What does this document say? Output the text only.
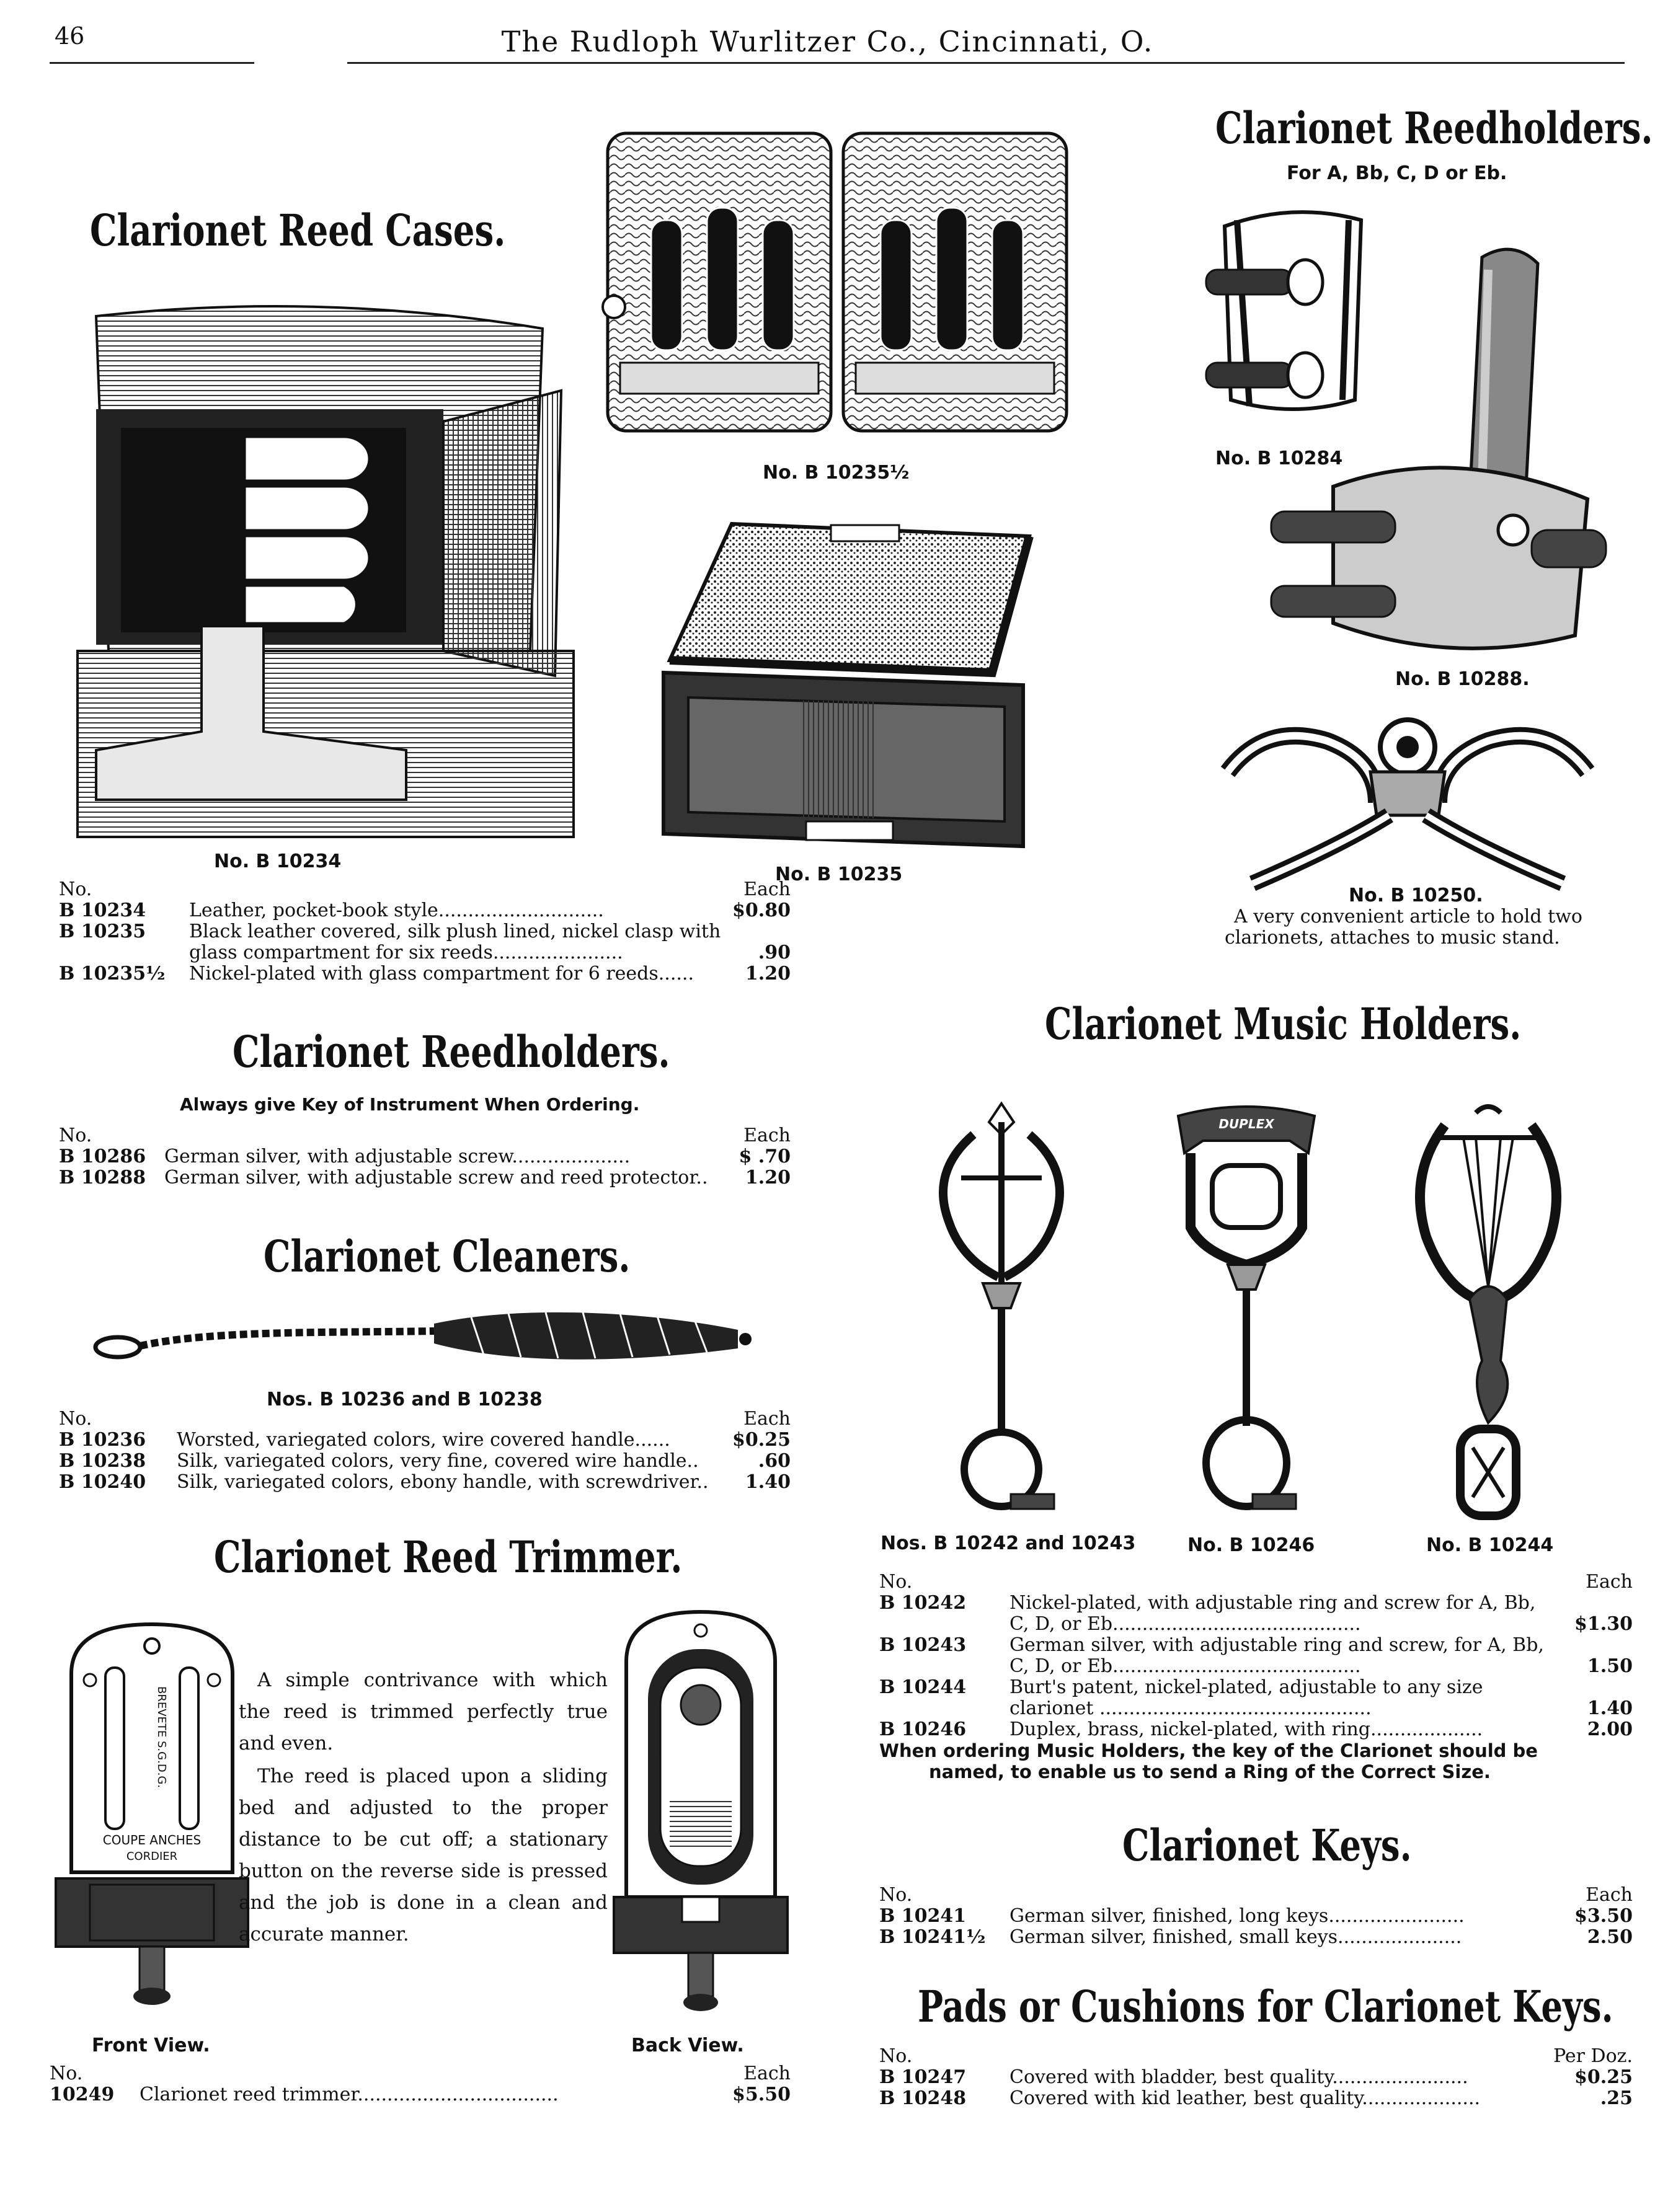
46	The Rudloph Wurlitzer Co., Cincinnati, O.
Clarionet Reed Cases.
No. B 10234
No. B 10235½
No. B 10235
No.	Each
B 10234	Leather, pocket-book style............................	$0.80
B 10235	Black leather covered, silk plush lined, nickel clasp with
glass compartment for six reeds......................	.90
B 10235½	Nickel-plated with glass compartment for 6 reeds......	1.20
Clarionet Reedholders.
Always give Key of Instrument When Ordering.
No.	Each
B 10286 German silver, with adjustable screw....................	$ .70
B 10288 German silver, with adjustable screw and reed protector..	1.20
Clarionet Cleaners.
Nos. B 10236 and B 10238
No.	Each
B 10236	Worsted, variegated colors, wire covered handle......	$0.25
B 10238	Silk, variegated colors, very fine, covered wire handle..	.60
B 10240	Silk, variegated colors, ebony handle, with screwdriver..	1.40
Clarionet Reed Trimmer.
BREVETE S.G.D.G.
COUPE ANCHES
CORDIER
A simple contrivance with which the reed is trimmed perfectly true and even.
The reed is placed upon a sliding bed and adjusted to the proper distance to be cut off; a stationary button on the reverse side is pressed and the job is done in a clean and accurate manner.
Front View.	Back View.
No.	Each
10249	Clarionet reed trimmer..................................	$5.50
Clarionet Reedholders.
For A, Bb, C, D or Eb.
No. B 10284
No. B 10288.
No. B 10250.
A very convenient article to hold two
clarionets, attaches to music stand.
Clarionet Music Holders.
DUPLEX
Nos. B 10242 and 10243	No. B 10246	No. B 10244
No.	Each
B 10242	Nickel-plated, with adjustable ring and screw for A, Bb,
C, D, or Eb..........................................	$1.30
B 10243	German silver, with adjustable ring and screw, for A, Bb,
C, D, or Eb..........................................	1.50
B 10244	Burt's patent, nickel-plated, adjustable to any size
clarionet ..............................................	1.40
B 10246	Duplex, brass, nickel-plated, with ring...................	2.00
When ordering Music Holders, the key of the Clarionet should be
named, to enable us to send a Ring of the Correct Size.
Clarionet Keys.
No.	Each
B 10241	German silver, finished, long keys.......................	$3.50
B 10241½	German silver, finished, small keys.....................	2.50
Pads or Cushions for Clarionet Keys.
No.	Per Doz.
B 10247	Covered with bladder, best quality.......................	$0.25
B 10248	Covered with kid leather, best quality....................	.25
